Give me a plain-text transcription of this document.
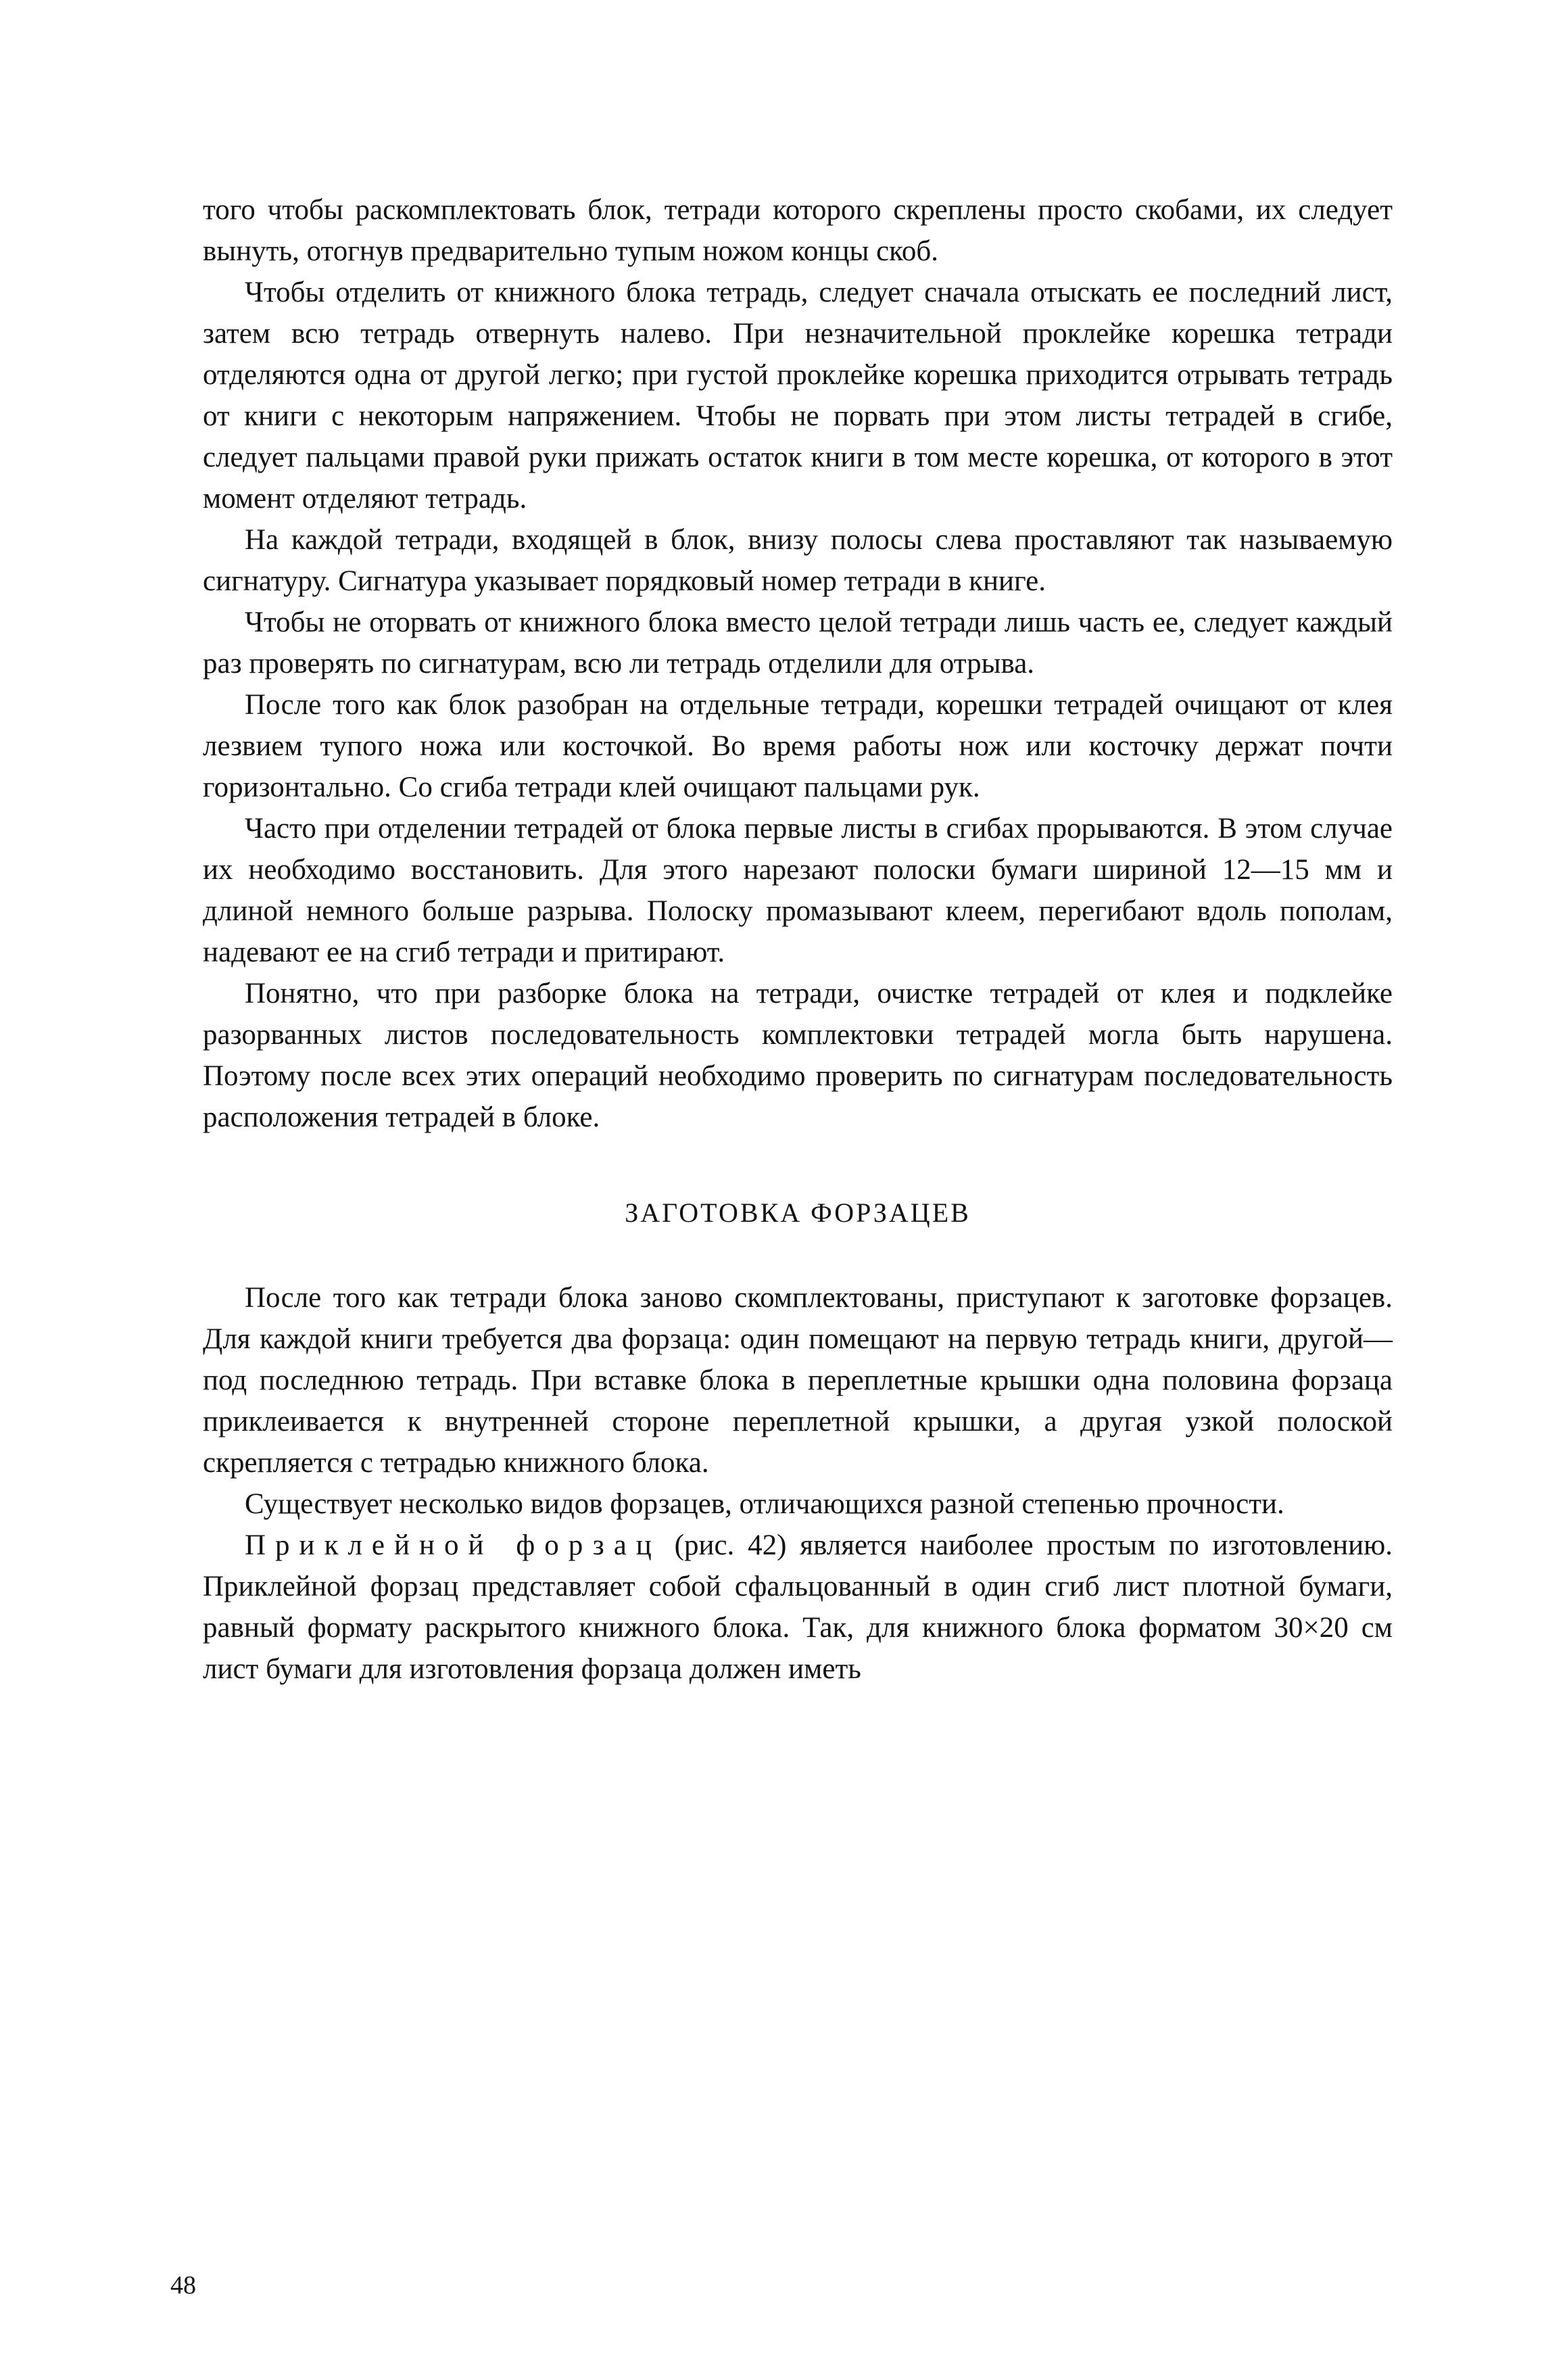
того чтобы раскомплектовать блок, тетради которого скреплены просто скобами, их следует вынуть, отогнув предварительно тупым ножом концы скоб.

Чтобы отделить от книжного блока тетрадь, следует сначала отыскать ее последний лист, затем всю тетрадь отвернуть налево. При незначительной проклейке корешка тетради отделяются одна от другой легко; при густой проклейке корешка приходится отрывать тетрадь от книги с некоторым напряжением. Чтобы не порвать при этом листы тетрадей в сгибе, следует пальцами правой руки прижать остаток книги в том месте корешка, от которого в этот момент отделяют тетрадь.

На каждой тетради, входящей в блок, внизу полосы слева проставляют так называемую сигнатуру. Сигнатура указывает порядковый номер тетради в книге.

Чтобы не оторвать от книжного блока вместо целой тетради лишь часть ее, следует каждый раз проверять по сигнатурам, всю ли тетрадь отделили для отрыва.

После того как блок разобран на отдельные тетради, корешки тетрадей очищают от клея лезвием тупого ножа или косточкой. Во время работы нож или косточку держат почти горизонтально. Со сгиба тетради клей очищают пальцами рук.

Часто при отделении тетрадей от блока первые листы в сгибах прорываются. В этом случае их необходимо восстановить. Для этого нарезают полоски бумаги шириной 12—15 мм и длиной немного больше разрыва. Полоску промазывают клеем, перегибают вдоль пополам, надевают ее на сгиб тетради и притирают.

Понятно, что при разборке блока на тетради, очистке тетрадей от клея и подклейке разорванных листов последовательность комплектовки тетрадей могла быть нарушена. Поэтому после всех этих операций необходимо проверить по сигнатурам последовательность расположения тетрадей в блоке.

ЗАГОТОВКА ФОРЗАЦЕВ

После того как тетради блока заново скомплектованы, приступают к заготовке форзацев. Для каждой книги требуется два форзаца: один помещают на первую тетрадь книги, другой—под последнюю тетрадь. При вставке блока в переплетные крышки одна половина форзаца приклеивается к внутренней стороне переплетной крышки, а другая узкой полоской скрепляется с тетрадью книжного блока.

Существует несколько видов форзацев, отличающихся разной степенью прочности.

Приклейной форзац (рис. 42) является наиболее простым по изготовлению. Приклейной форзац представляет собой сфальцованный в один сгиб лист плотной бумаги, равный формату раскрытого книжного блока. Так, для книжного блока форматом 30×20 см лист бумаги для изготовления форзаца должен иметь

48
